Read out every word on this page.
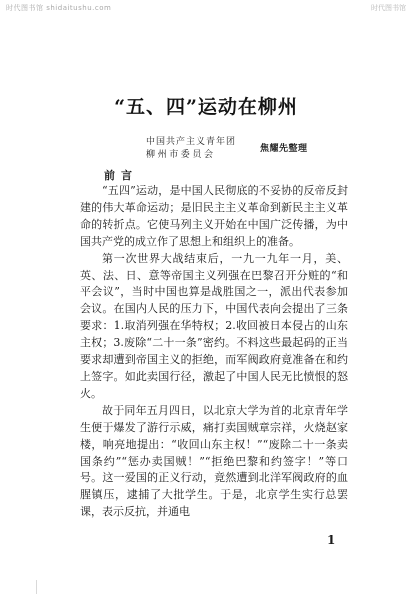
时代图书馆 shidaitushu.com	时代图书馆
“五、四”运动在柳州
中国共产主义青年团
柳州市委员会
焦耀先整理
前言

“五四”运动，是中国人民彻底的不妥协的反帝反封建的伟大革命运动；是旧民主主义革命到新民主主义革命的转折点。它使马列主义开始在中国广泛传播，为中国共产党的成立作了思想上和组织上的准备。

第一次世界大战结束后，一九一九年一月，美、英、法、日、意等帝国主义列强在巴黎召开分赃的“和平会议”，当时中国也算是战胜国之一，派出代表参加会议。在国内人民的压力下，中国代表向会提出了三条要求：1.取消列强在华特权；2.收回被日本侵占的山东主权；3.废除“二十一条”密约。不料这些最起码的正当要求却遭到帝国主义的拒绝，而军阀政府竟准备在和约上签字。如此卖国行径，激起了中国人民无比愤恨的怒火。

故于同年五月四日，以北京大学为首的北京青年学生便于爆发了游行示威，痛打卖国贼章宗祥，火烧赵家楼，响亮地提出：“收回山东主权！”“废除二十一条卖国条约”“惩办卖国贼！”“拒绝巴黎和约签字！”等口号。这一爱国的正义行动，竟然遭到北洋军阀政府的血腥镇压，逮捕了大批学生。于是，北京学生实行总罢课，表示反抗，并通电

1
